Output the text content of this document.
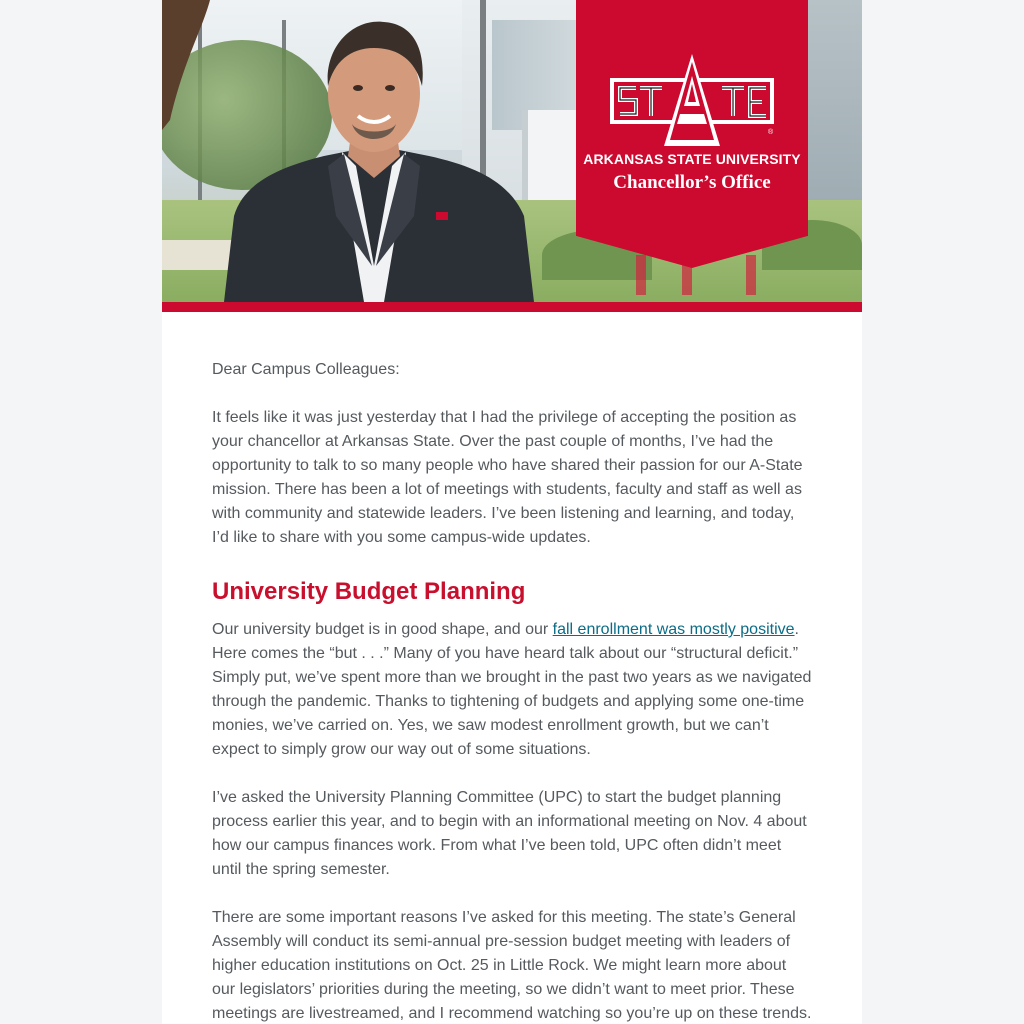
®
ARKANSAS STATE UNIVERSITY
Chancellor’s Office

Dear Campus Colleagues:

It feels like it was just yesterday that I had the privilege of accepting the position as your chancellor at Arkansas State. Over the past couple of months, I’ve had the opportunity to talk to so many people who have shared their passion for our A-State mission. There has been a lot of meetings with students, faculty and staff as well as with community and statewide leaders. I’ve been listening and learning, and today, I’d like to share with you some campus-wide updates.

University Budget Planning

Our university budget is in good shape, and our fall enrollment was mostly positive. Here comes the “but . . .” Many of you have heard talk about our “structural deficit.” Simply put, we’ve spent more than we brought in the past two years as we navigated through the pandemic. Thanks to tightening of budgets and applying some one-time monies, we’ve carried on. Yes, we saw modest enrollment growth, but we can’t expect to simply grow our way out of some situations.

I’ve asked the University Planning Committee (UPC) to start the budget planning process earlier this year, and to begin with an informational meeting on Nov. 4 about how our campus finances work. From what I’ve been told, UPC often didn’t meet until the spring semester.

There are some important reasons I’ve asked for this meeting. The state’s General Assembly will conduct its semi-annual pre-session budget meeting with leaders of higher education institutions on Oct. 25 in Little Rock. We might learn more about our legislators’ priorities during the meeting, so we didn’t want to meet prior. These meetings are livestreamed, and I recommend watching so you’re up on these trends.
